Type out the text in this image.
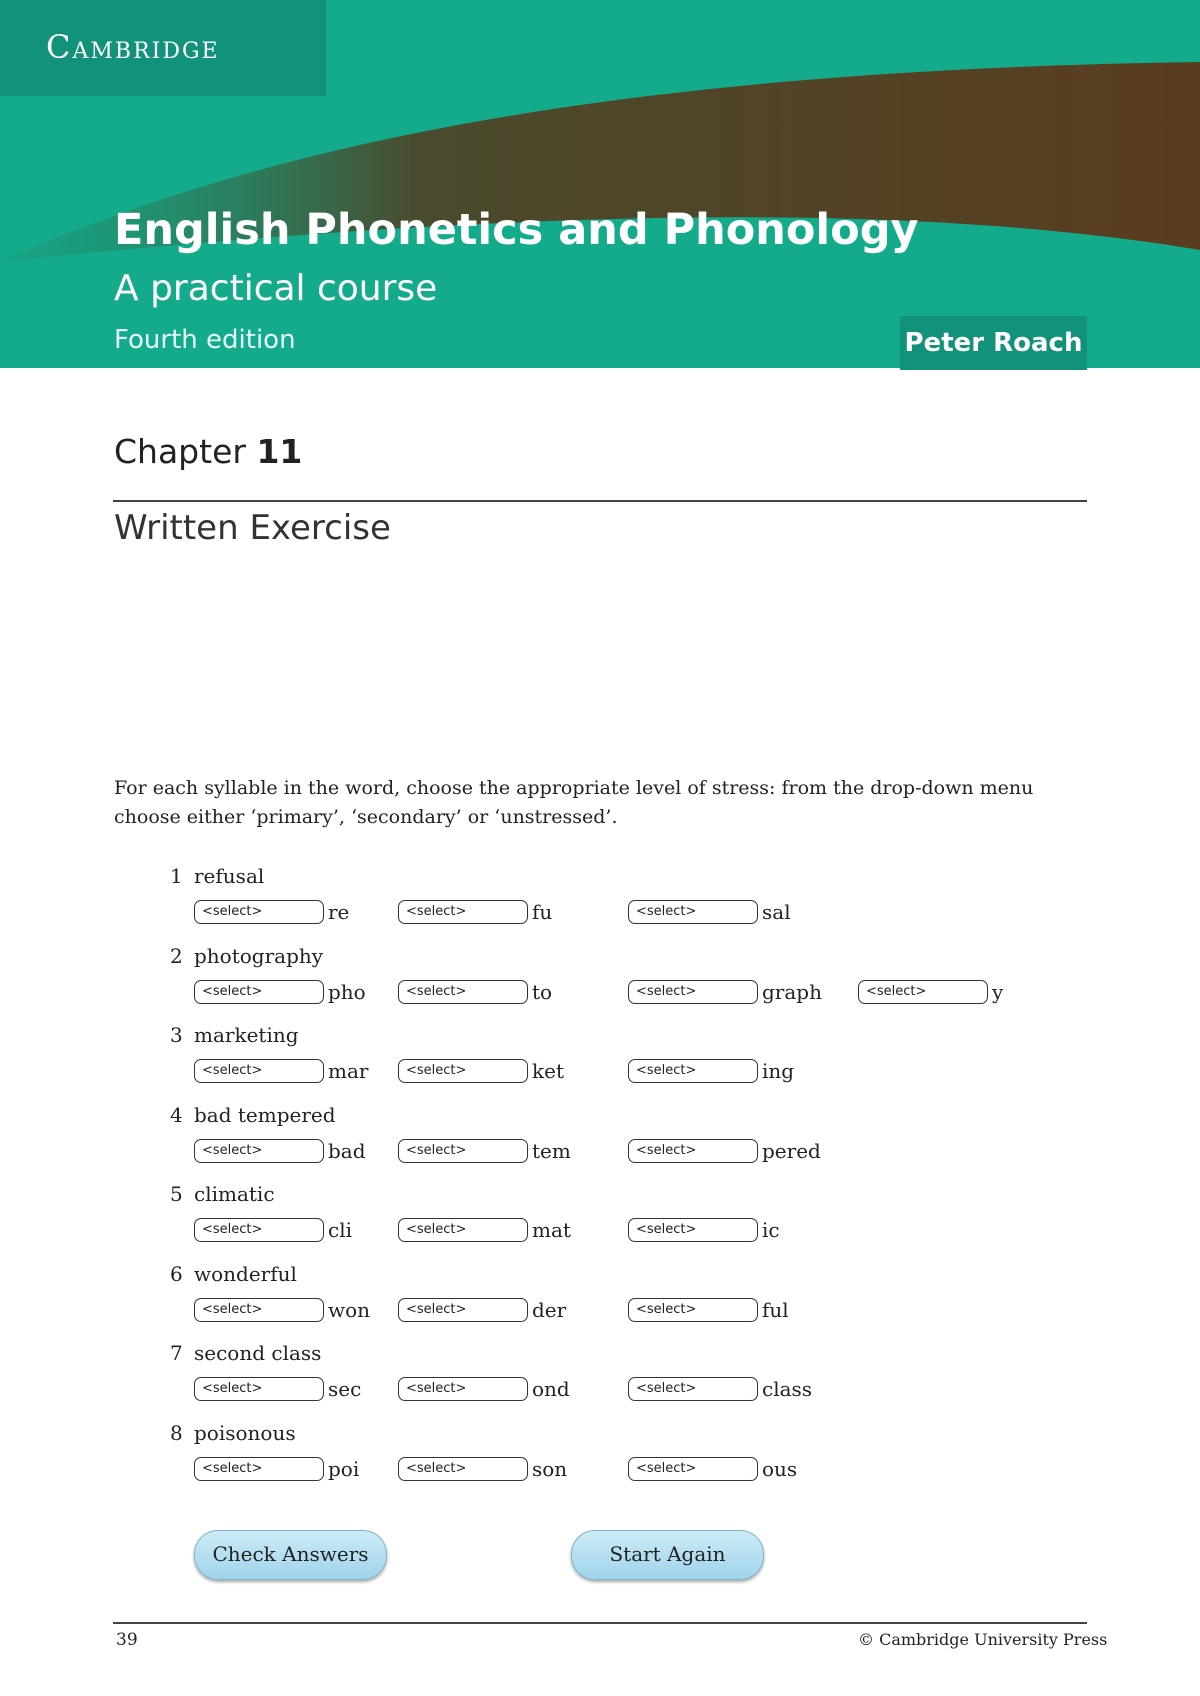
Cambridge
English Phonetics and Phonology
A practical course
Fourth edition	Peter Roach
Chapter 11
Written Exercise
For each syllable in the word, choose the appropriate level of stress: from the drop-down menu choose either ‘primary’, ‘secondary’ or ‘unstressed’.
1 refusal
<select>	re	<select>	fu	<select>	sal
2 photography
<select>	pho	<select>	to	<select>	graph	<select>	y
3 marketing
<select>	mar	<select>	ket	<select>	ing
4 bad tempered
<select>	bad	<select>	tem	<select>	pered
5 climatic
<select>	cli	<select>	mat	<select>	ic
6 wonderful
<select>	won	<select>	der	<select>	ful
7 second class
<select>	sec	<select>	ond	<select>	class
8 poisonous
<select>	poi	<select>	son	<select>	ous
Check Answers	Start Again
39	© Cambridge University Press
